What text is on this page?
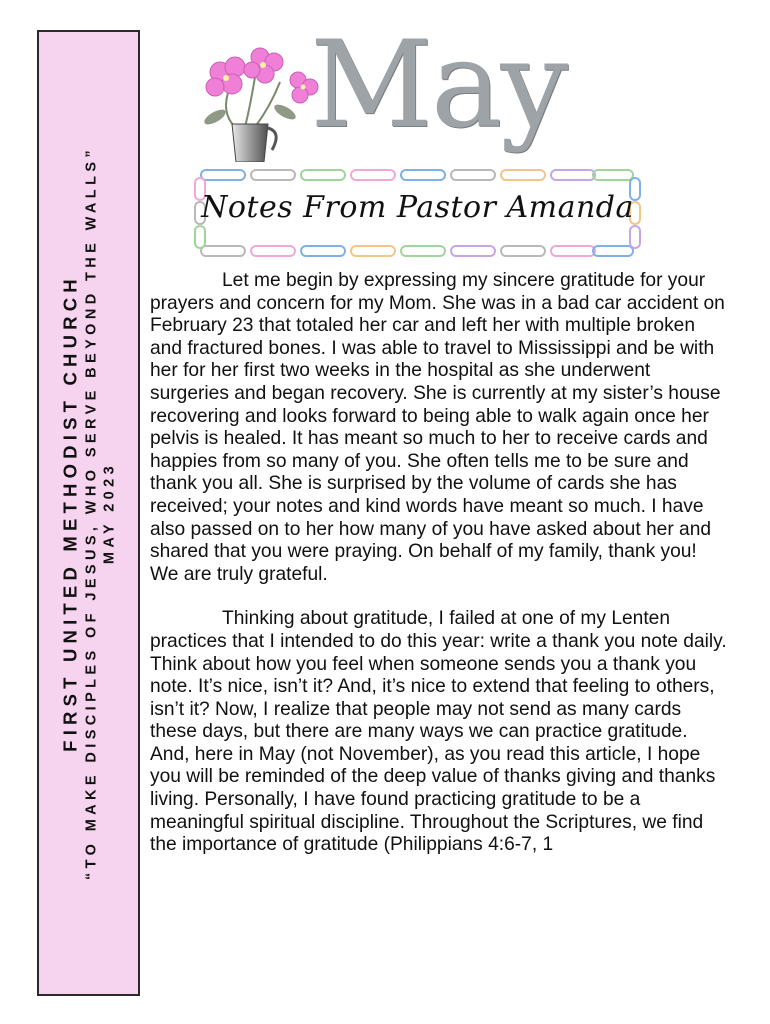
FIRST UNITED METHODIST CHURCH “TO MAKE DISCIPLES OF JESUS, WHO SERVE BEYOND THE WALLS” MAY 2023
May
Notes From Pastor Amanda

Let me begin by expressing my sincere gratitude for your prayers and concern for my Mom. She was in a bad car accident on February 23 that totaled her car and left her with multiple broken and fractured bones. I was able to travel to Mississippi and be with her for her first two weeks in the hospital as she underwent surgeries and began recovery. She is currently at my sister’s house recovering and looks forward to being able to walk again once her pelvis is healed. It has meant so much to her to receive cards and happies from so many of you. She often tells me to be sure and thank you all. She is surprised by the volume of cards she has received; your notes and kind words have meant so much. I have also passed on to her how many of you have asked about her and shared that you were praying. On behalf of my family, thank you! We are truly grateful.

Thinking about gratitude, I failed at one of my Lenten practices that I intended to do this year: write a thank you note daily. Think about how you feel when someone sends you a thank you note. It’s nice, isn’t it? And, it’s nice to extend that feeling to others, isn’t it? Now, I realize that people may not send as many cards these days, but there are many ways we can practice gratitude. And, here in May (not November), as you read this article, I hope you will be reminded of the deep value of thanks giving and thanks living. Personally, I have found practicing gratitude to be a meaningful spiritual discipline. Throughout the Scriptures, we find the importance of gratitude (Philippians 4:6-7, 1
